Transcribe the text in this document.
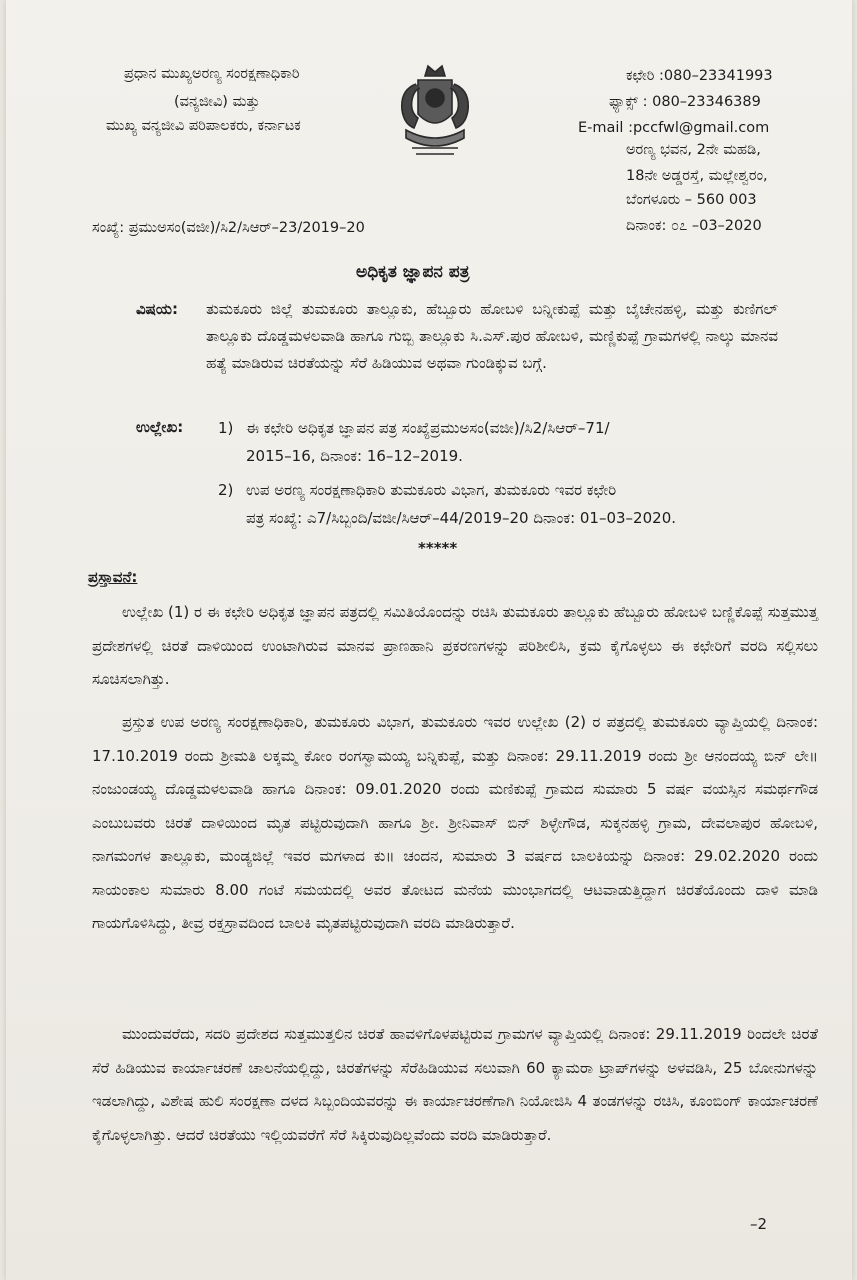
ಪ್ರಧಾನ ಮುಖ್ಯಅರಣ್ಯ ಸಂರಕ್ಷಣಾಧಿಕಾರಿ
(ವನ್ಯಜೀವಿ) ಮತ್ತು
ಮುಖ್ಯ ವನ್ಯಜೀವಿ ಪರಿಪಾಲಕರು, ಕರ್ನಾಟಕ
ಕಛೇರಿ :080–23341993
ಫ್ಯಾಕ್ಸ್ : 080–23346389
E-mail :pccfwl@gmail.com
ಅರಣ್ಯ ಭವನ, 2ನೇ ಮಹಡಿ,
18ನೇ ಅಡ್ಡರಸ್ತೆ, ಮಲ್ಲೇಶ್ವರಂ,
ಬೆಂಗಳೂರು – 560 003
ಸಂಖ್ಯೆ: ಪ್ರಮುಅಸಂ(ವಜೀ)/ಸಿ2/ಸಿಆರ್–23/2019–20	ದಿನಾಂಕ: ೦೭ –03–2020
ಅಧಿಕೃತ ಜ್ಞಾಪನ ಪತ್ರ
ವಿಷಯ: ತುಮಕೂರು ಜಿಲ್ಲೆ ತುಮಕೂರು ತಾಲ್ಲೂಕು, ಹೆಬ್ಬೂರು ಹೋಬಳಿ ಬನ್ನೀಕುಪ್ಪೆ ಮತ್ತು ಬೈಚೇನಹಳ್ಳಿ, ಮತ್ತು ಕುಣಿಗಲ್ ತಾಲ್ಲೂಕು ದೊಡ್ಡಮಳಲವಾಡಿ ಹಾಗೂ ಗುಬ್ಬಿ ತಾಲ್ಲೂಕು ಸಿ.ಎಸ್.ಪುರ ಹೋಬಳಿ, ಮಣ್ಣಿಕುಪ್ಪೆ ಗ್ರಾಮಗಳಲ್ಲಿ ನಾಲ್ಕು ಮಾನವ ಹತ್ಯೆ ಮಾಡಿರುವ ಚಿರತೆಯನ್ನು ಸೆರೆ ಹಿಡಿಯುವ ಅಥವಾ ಗುಂಡಿಕ್ಕುವ ಬಗ್ಗೆ.
ಉಲ್ಲೇಖ: 1) ಈ ಕಛೇರಿ ಅಧಿಕೃತ ಜ್ಞಾಪನ ಪತ್ರ ಸಂಖ್ಯೆಪ್ರಮುಅಸಂ(ವಜೀ)/ಸಿ2/ಸಿಆರ್–71/
2015–16, ದಿನಾಂಕ: 16–12–2019.
2) ಉಪ ಅರಣ್ಯ ಸಂರಕ್ಷಣಾಧಿಕಾರಿ ತುಮಕೂರು ವಿಭಾಗ, ತುಮಕೂರು ಇವರ ಕಛೇರಿ
ಪತ್ರ ಸಂಖ್ಯೆ: ಎ7/ಸಿಬ್ಬಂದಿ/ವಜೀ/ಸಿಆರ್–44/2019–20 ದಿನಾಂಕ: 01–03–2020.
*****
ಪ್ರಸ್ತಾವನೆ:

ಉಲ್ಲೇಖ (1) ರ ಈ ಕಛೇರಿ ಅಧಿಕೃತ ಜ್ಞಾಪನ ಪತ್ರದಲ್ಲಿ ಸಮಿತಿಯೊಂದನ್ನು ರಚಿಸಿ ತುಮಕೂರು ತಾಲ್ಲೂಕು ಹೆಬ್ಬೂರು ಹೋಬಳಿ ಬಣ್ಣಿಕೊಪ್ಪೆ ಸುತ್ತಮುತ್ತ ಪ್ರದೇಶಗಳಲ್ಲಿ ಚಿರತೆ ದಾಳಿಯಿಂದ ಉಂಟಾಗಿರುವ ಮಾನವ ಪ್ರಾಣಹಾನಿ ಪ್ರಕರಣಗಳನ್ನು ಪರಿಶೀಲಿಸಿ, ಕ್ರಮ ಕೈಗೊಳ್ಳಲು ಈ ಕಛೇರಿಗೆ ವರದಿ ಸಲ್ಲಿಸಲು ಸೂಚಿಸಲಾಗಿತ್ತು.

ಪ್ರಸ್ತುತ ಉಪ ಅರಣ್ಯ ಸಂರಕ್ಷಣಾಧಿಕಾರಿ, ತುಮಕೂರು ವಿಭಾಗ, ತುಮಕೂರು ಇವರ ಉಲ್ಲೇಖ (2) ರ ಪತ್ರದಲ್ಲಿ ತುಮಕೂರು ವ್ಯಾಪ್ತಿಯಲ್ಲಿ ದಿನಾಂಕ: 17.10.2019 ರಂದು ಶ್ರೀಮತಿ ಲಕ್ಕಮ್ಮ ಕೋಂ ರಂಗಸ್ವಾಮಯ್ಯ ಬನ್ನಿಕುಪ್ಪೆ, ಮತ್ತು ದಿನಾಂಕ: 29.11.2019 ರಂದು ಶ್ರೀ ಆನಂದಯ್ಯ ಬಿನ್ ಲೇ॥ ನಂಜುಂಡಯ್ಯ ದೊಡ್ಡಮಳಲವಾಡಿ ಹಾಗೂ ದಿನಾಂಕ: 09.01.2020 ರಂದು ಮಣಿಕುಪ್ಪೆ ಗ್ರಾಮದ ಸುಮಾರು 5 ವರ್ಷ ವಯಸ್ಸಿನ ಸಮರ್ಥಗೌಡ ಎಂಬುಬವರು ಚಿರತೆ ದಾಳಿಯಿಂದ ಮೃತ ಪಟ್ಟಿರುವುದಾಗಿ ಹಾಗೂ ಶ್ರೀ. ಶ್ರೀನಿವಾಸ್ ಬಿನ್ ಶಿಳ್ಳೇಗೌಡ, ಸುಕ್ಕನಹಳ್ಳಿ ಗ್ರಾಮ, ದೇವಲಾಪುರ ಹೋಬಳಿ, ನಾಗಮಂಗಳ ತಾಲ್ಲೂಕು, ಮಂಡ್ಯಜಿಲ್ಲೆ ಇವರ ಮಗಳಾದ ಕು॥ ಚಂದನ, ಸುಮಾರು 3 ವರ್ಷದ ಬಾಲಕಿಯನ್ನು ದಿನಾಂಕ: 29.02.2020 ರಂದು ಸಾಯಂಕಾಲ ಸುಮಾರು 8.00 ಗಂಟೆ ಸಮಯದಲ್ಲಿ ಅವರ ತೋಟದ ಮನೆಯ ಮುಂಭಾಗದಲ್ಲಿ ಆಟವಾಡುತ್ತಿದ್ದಾಗ ಚಿರತೆಯೊಂದು ದಾಳಿ ಮಾಡಿ ಗಾಯಗೊಳಿಸಿದ್ದು, ತೀವ್ರ ರಕ್ತಸ್ರಾವದಿಂದ ಬಾಲಕಿ ಮೃತಪಟ್ಟಿರುವುದಾಗಿ ವರದಿ ಮಾಡಿರುತ್ತಾರೆ.

ಮುಂದುವರೆದು, ಸದರಿ ಪ್ರದೇಶದ ಸುತ್ತಮುತ್ತಲಿನ ಚಿರತೆ ಹಾವಳಿಗೊಳಪಟ್ಟಿರುವ ಗ್ರಾಮಗಳ ವ್ಯಾಪ್ತಿಯಲ್ಲಿ ದಿನಾಂಕ: 29.11.2019 ರಿಂದಲೇ ಚಿರತೆ ಸೆರೆ ಹಿಡಿಯುವ ಕಾರ್ಯಾಚರಣೆ ಚಾಲನೆಯಲ್ಲಿದ್ದು, ಚಿರತೆಗಳನ್ನು ಸೆರೆಹಿಡಿಯುವ ಸಲುವಾಗಿ 60 ಕ್ಯಾಮರಾ ಟ್ರಾಪ್‌ಗಳನ್ನು ಅಳವಡಿಸಿ, 25 ಬೋನುಗಳನ್ನು ಇಡಲಾಗಿದ್ದು, ವಿಶೇಷ ಹುಲಿ ಸಂರಕ್ಷಣಾ ದಳದ ಸಿಬ್ಬಂದಿಯವರನ್ನು ಈ ಕಾರ್ಯಾಚರಣೆಗಾಗಿ ನಿಯೋಜಿಸಿ 4 ತಂಡಗಳನ್ನು ರಚಿಸಿ, ಕೂಂಬಿಂಗ್ ಕಾರ್ಯಾಚರಣೆ ಕೈಗೊಳ್ಳಲಾಗಿತ್ತು. ಆದರೆ ಚಿರತೆಯು ಇಲ್ಲಿಯವರೆಗೆ ಸೆರೆ ಸಿಕ್ಕಿರುವುದಿಲ್ಲವೆಂದು ವರದಿ ಮಾಡಿರುತ್ತಾರೆ.

–2
